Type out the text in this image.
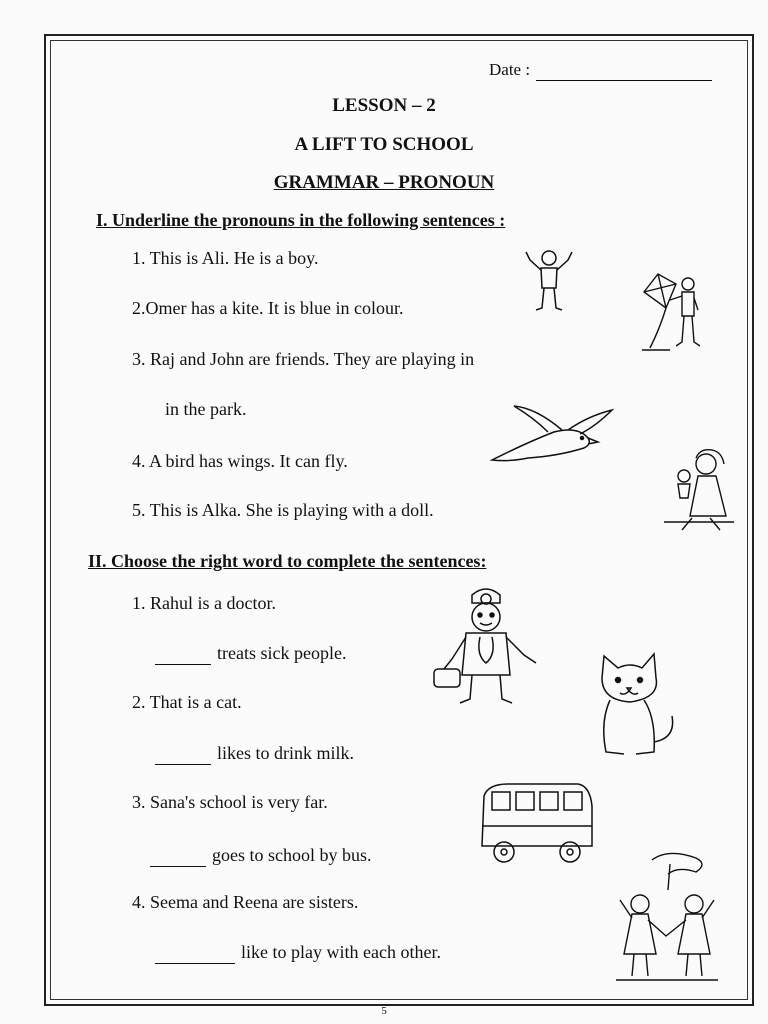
Date :
LESSON – 2
A LIFT TO SCHOOL
GRAMMAR – PRONOUN
I. Underline the pronouns in the following sentences :
1. This is Ali. He is a boy.
2.Omer has a kite. It is blue in colour.
3. Raj and John are friends. They are playing in
in the park.
4. A bird has wings. It can fly.
5. This is Alka. She is playing with a doll.
II. Choose the right word to complete the sentences:
1. Rahul is a doctor.
treats sick people.
2. That is a cat.
likes to drink milk.
3. Sana's school is very far.
goes to school by bus.
4. Seema and Reena are sisters.
like to play with each other.
5
